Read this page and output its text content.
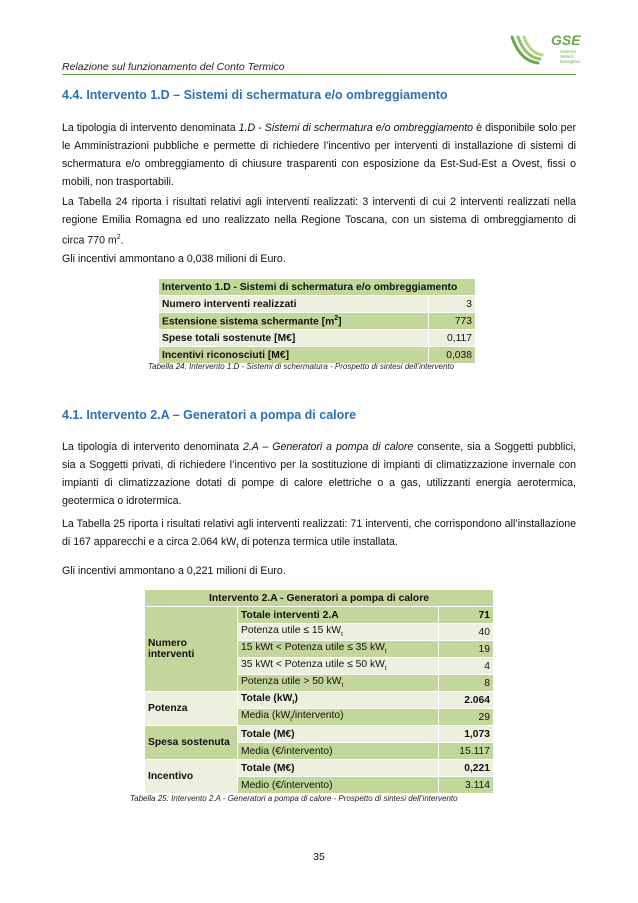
Relazione sul funzionamento del Conto Termico
GSE
Gestore
Servizi
Energetici
4.4. Intervento 1.D – Sistemi di schermatura e/o ombreggiamento
La tipologia di intervento denominata 1.D - Sistemi di schermatura e/o ombreggiamento è disponibile solo per le Amministrazioni pubbliche e permette di richiedere l’incentivo per interventi di installazione di sistemi di schermatura e/o ombreggiamento di chiusure trasparenti con esposizione da Est-Sud-Est a Ovest, fissi o mobili, non trasportabili.
La Tabella 24 riporta i risultati relativi agli interventi realizzati: 3 interventi di cui 2 interventi realizzati nella regione Emilia Romagna ed uno realizzato nella Regione Toscana, con un sistema di ombreggiamento di circa 770 $m^2$.
Gli incentivi ammontano a 0,038 milioni di Euro.
Intervento 1.D - Sistemi di schermatura e/o ombreggiamento	
Numero interventi realizzati	3
Estensione sistema schermante $[m^2]$	773
Spese totali sostenute [M€]	0,117
Incentivi riconosciuti [M€]	0,038
Tabella 24: Intervento 1.D - Sistemi di schermatura - Prospetto di sintesi dell’intervento
4.1. Intervento 2.A – Generatori a pompa di calore
La tipologia di intervento denominata 2.A – Generatori a pompa di calore consente, sia a Soggetti pubblici, sia a Soggetti privati, di richiedere l’incentivo per la sostituzione di impianti di climatizzazione invernale con impianti di climatizzazione dotati di pompe di calore elettriche o a gas, utilizzanti energia aerotermica, geotermica o idrotermica.
La Tabella 25 riporta i risultati relativi agli interventi realizzati: 71 interventi, che corrispondono all’installazione di 167 apparecchi e a circa 2.064 $kW_t$ di potenza termica utile installata.
Gli incentivi ammontano a 0,221 milioni di Euro.
Intervento 2.A - Generatori a pompa di calore		
Numero interventi	Totale interventi 2.A	71
	Potenza utile ≤ 15 $kW_t$	40
	15 kWt < Potenza utile ≤ 35 $kW_t$	19
	35 kWt < Potenza utile ≤ 50 $kW_t$	4
	Potenza utile > 50 $kW_t$	8
Potenza	Totale $(kW_t)$	2.064
	Media $(kW_t/intervento)$	29
Spesa sostenuta	Totale (M€)	1,073
	Media (€/intervento)	15.117
Incentivo	Totale (M€)	0,221
	Medio (€/intervento)	3.114
Tabella 25: Intervento 2.A - Generatori a pompa di calore - Prospetto di sintesi dell’intervento
35
